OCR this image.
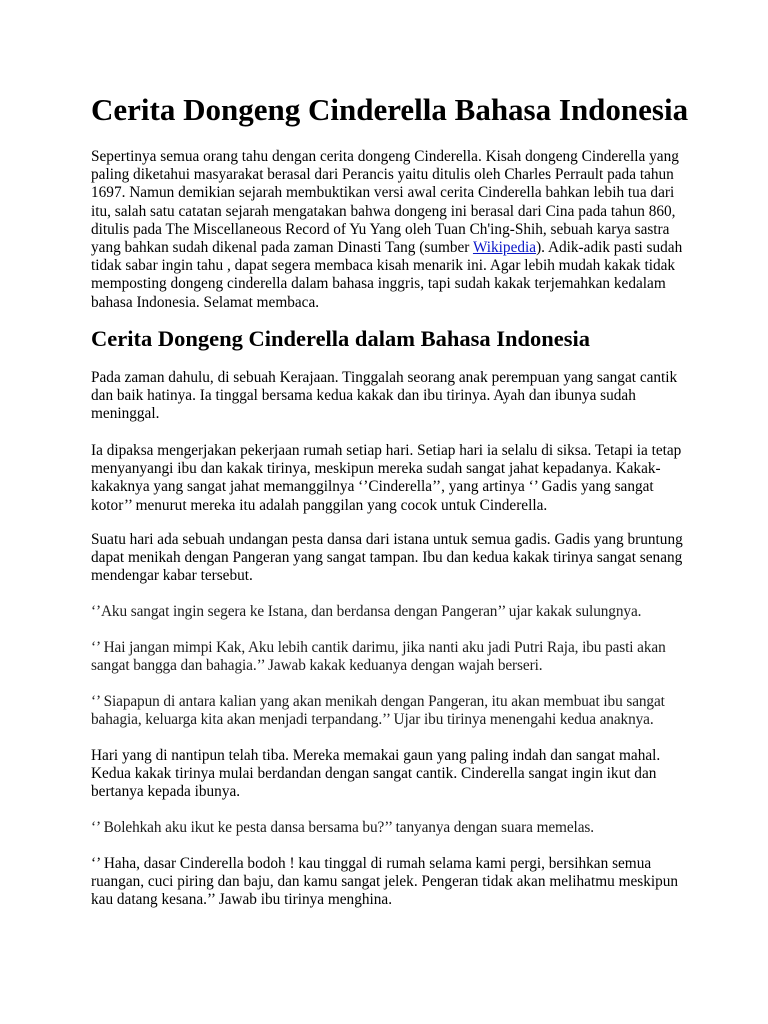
Cerita Dongeng Cinderella Bahasa Indonesia
Sepertinya semua orang tahu dengan cerita dongeng Cinderella. Kisah dongeng Cinderella yang
paling diketahui masyarakat berasal dari Perancis yaitu ditulis oleh Charles Perrault pada tahun
1697. Namun demikian sejarah membuktikan versi awal cerita Cinderella bahkan lebih tua dari
itu, salah satu catatan sejarah mengatakan bahwa dongeng ini berasal dari Cina pada tahun 860,
ditulis pada The Miscellaneous Record of Yu Yang oleh Tuan Ch'ing-Shih, sebuah karya sastra
yang bahkan sudah dikenal pada zaman Dinasti Tang (sumber Wikipedia). Adik-adik pasti sudah
tidak sabar ingin tahu , dapat segera membaca kisah menarik ini. Agar lebih mudah kakak tidak
memposting dongeng cinderella dalam bahasa inggris, tapi sudah kakak terjemahkan kedalam
bahasa Indonesia. Selamat membaca.
Cerita Dongeng Cinderella dalam Bahasa Indonesia
Pada zaman dahulu, di sebuah Kerajaan. Tinggalah seorang anak perempuan yang sangat cantik
dan baik hatinya. Ia tinggal bersama kedua kakak dan ibu tirinya. Ayah dan ibunya sudah
meninggal.
Ia dipaksa mengerjakan pekerjaan rumah setiap hari. Setiap hari ia selalu di siksa. Tetapi ia tetap
menyanyangi ibu dan kakak tirinya, meskipun mereka sudah sangat jahat kepadanya. Kakak-
kakaknya yang sangat jahat memanggilnya ‘’Cinderella’’, yang artinya ‘’ Gadis yang sangat
kotor’’ menurut mereka itu adalah panggilan yang cocok untuk Cinderella.
Suatu hari ada sebuah undangan pesta dansa dari istana untuk semua gadis. Gadis yang bruntung
dapat menikah dengan Pangeran yang sangat tampan. Ibu dan kedua kakak tirinya sangat senang
mendengar kabar tersebut.
‘’Aku sangat ingin segera ke Istana, dan berdansa dengan Pangeran’’ ujar kakak sulungnya.
‘’ Hai jangan mimpi Kak, Aku lebih cantik darimu, jika nanti aku jadi Putri Raja, ibu pasti akan
sangat bangga dan bahagia.’’ Jawab kakak keduanya dengan wajah berseri.
‘’ Siapapun di antara kalian yang akan menikah dengan Pangeran, itu akan membuat ibu sangat
bahagia, keluarga kita akan menjadi terpandang.’’ Ujar ibu tirinya menengahi kedua anaknya.
Hari yang di nantipun telah tiba. Mereka memakai gaun yang paling indah dan sangat mahal.
Kedua kakak tirinya mulai berdandan dengan sangat cantik. Cinderella sangat ingin ikut dan
bertanya kepada ibunya.
‘’ Bolehkah aku ikut ke pesta dansa bersama bu?’’ tanyanya dengan suara memelas.
‘’ Haha, dasar Cinderella bodoh ! kau tinggal di rumah selama kami pergi, bersihkan semua
ruangan, cuci piring dan baju, dan kamu sangat jelek. Pengeran tidak akan melihatmu meskipun
kau datang kesana.’’ Jawab ibu tirinya menghina.
